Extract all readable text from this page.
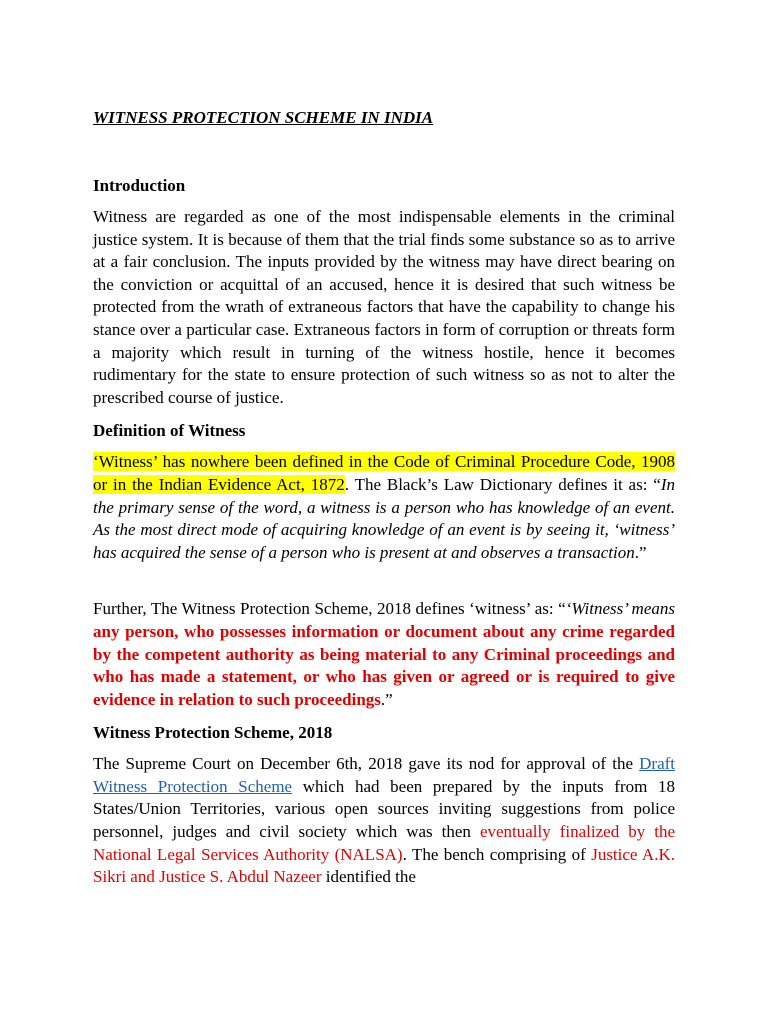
WITNESS PROTECTION SCHEME IN INDIA
Introduction

Witness are regarded as one of the most indispensable elements in the criminal justice system. It is because of them that the trial finds some substance so as to arrive at a fair conclusion. The inputs provided by the witness may have direct bearing on the conviction or acquittal of an accused, hence it is desired that such witness be protected from the wrath of extraneous factors that have the capability to change his stance over a particular case. Extraneous factors in form of corruption or threats form a majority which result in turning of the witness hostile, hence it becomes rudimentary for the state to ensure protection of such witness so as not to alter the prescribed course of justice.

Definition of Witness

‘Witness’ has nowhere been defined in the Code of Criminal Procedure Code, 1908 or in the Indian Evidence Act, 1872. The Black’s Law Dictionary defines it as: “In the primary sense of the word, a witness is a person who has knowledge of an event. As the most direct mode of acquiring knowledge of an event is by seeing it, ‘witness’ has acquired the sense of a person who is present at and observes a transaction.”

Further, The Witness Protection Scheme, 2018 defines ‘witness’ as: “‘Witness’ means any person, who possesses information or document about any crime regarded by the competent authority as being material to any Criminal proceedings and who has made a statement, or who has given or agreed or is required to give evidence in relation to such proceedings.”

Witness Protection Scheme, 2018

The Supreme Court on December 6th, 2018 gave its nod for approval of the Draft Witness Protection Scheme which had been prepared by the inputs from 18 States/Union Territories, various open sources inviting suggestions from police personnel, judges and civil society which was then eventually finalized by the National Legal Services Authority (NALSA). The bench comprising of Justice A.K. Sikri and Justice S. Abdul Nazeer identified the
